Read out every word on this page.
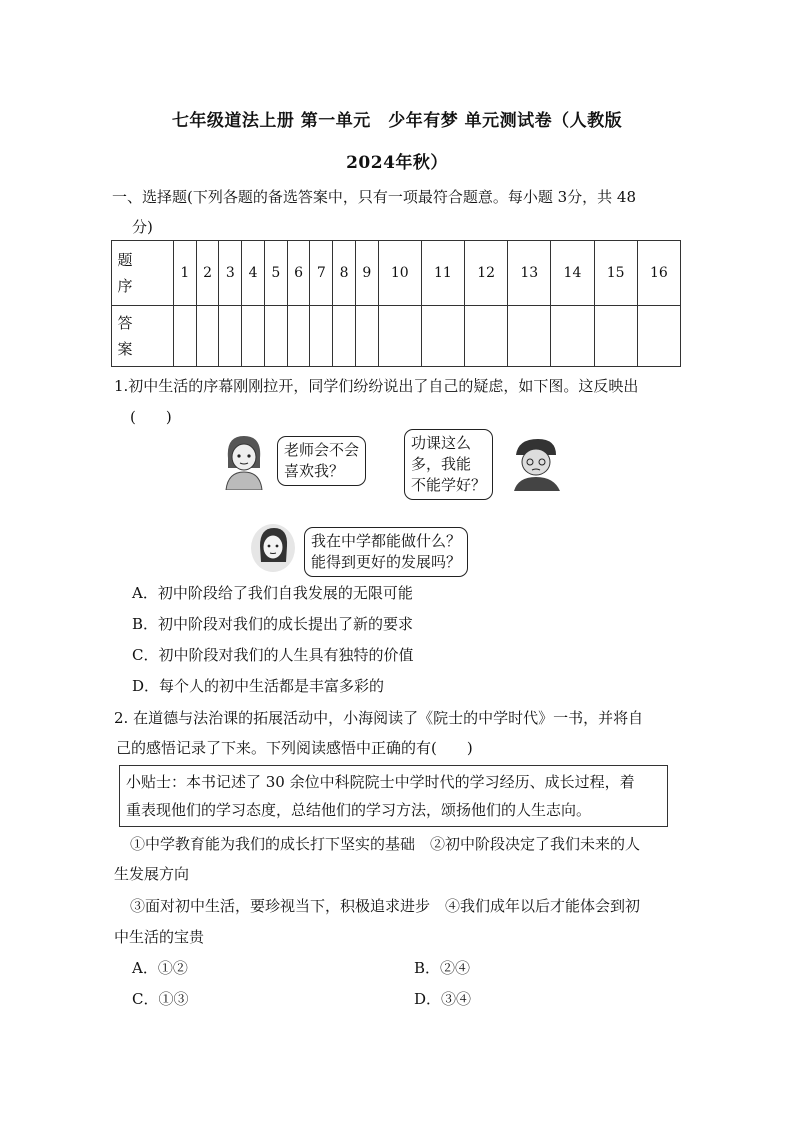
七年级道法上册 第一单元　少年有梦 单元测试卷（人教版
2024年秋）
一、选择题(下列各题的备选答案中，只有一项最符合题意。每小题 3分，共 48
分)
题
序	1	2	3	4	5	6	7	8	9	10	11	12	13	14	15	16

答
案																

1.初中生活的序幕刚刚拉开，同学们纷纷说出了自己的疑虑，如下图。这反映出
(　　)
老师会不会
喜欢我？
功课这么
多，我能
不能学好？
我在中学都能做什么？
能得到更好的发展吗？
A．初中阶段给了我们自我发展的无限可能
B．初中阶段对我们的成长提出了新的要求
C．初中阶段对我们的人生具有独特的价值
D．每个人的初中生活都是丰富多彩的
2. 在道德与法治课的拓展活动中，小海阅读了《院士的中学时代》一书，并将自
己的感悟记录了下来。下列阅读感悟中正确的有(　　)
小贴士：本书记述了 30 余位中科院院士中学时代的学习经历、成长过程，着
重表现他们的学习态度，总结他们的学习方法，颂扬他们的人生志向。
①中学教育能为我们的成长打下坚实的基础　②初中阶段决定了我们未来的人
生发展方向
③面对初中生活，要珍视当下，积极追求进步　④我们成年以后才能体会到初
中生活的宝贵
A．①②	B．②④
C．①③	D．③④
